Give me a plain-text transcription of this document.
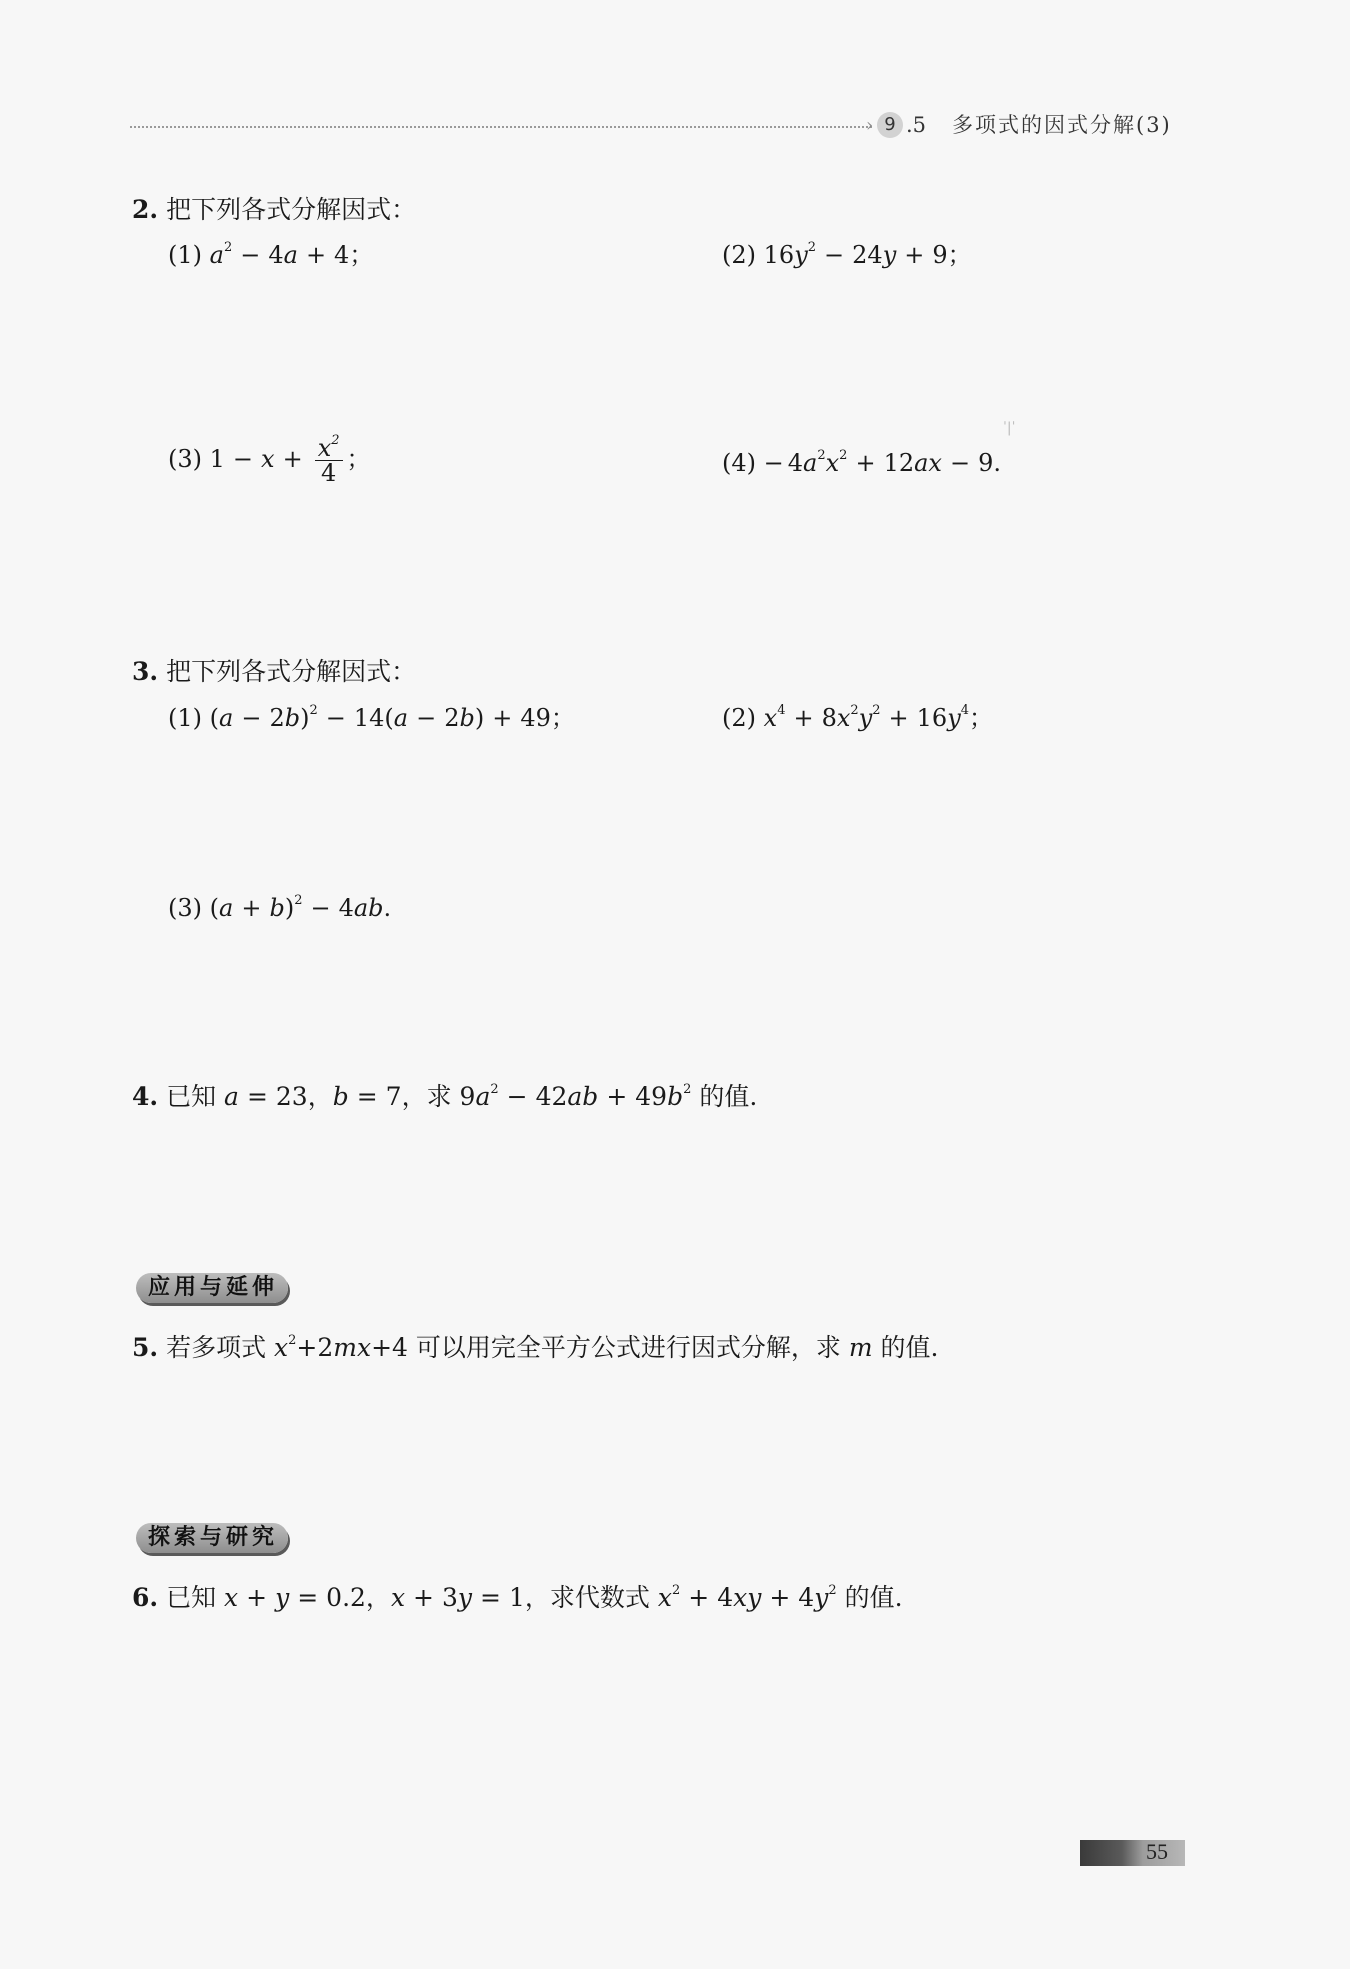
› 9 .5 多项式的因式分解(3)
2. 把下列各式分解因式：
(1) $a^2 - 4a + 4$；	(2) $16y^2 - 24y + 9$；
(3) $1 - x + \frac{x^2}{4}$ ；	$(4) - 4a^2x^2 + 12ax - 9$.
ˈ|ˈ
3. 把下列各式分解因式：
(1) $(a - 2b)^2 - 14(a - 2b) + 49$；	(2) $x^4 + 8x^2y^2 + 16y^4$；
(3) $(a + b)^2 - 4ab$.
4. 已知 a = 23，b = 7，求 $9a^2 - 42ab + 49b^2$ 的值.
应用与延伸
5. 若多项式 $x^2+2mx+4$ 可以用完全平方公式进行因式分解，求 m 的值.
探索与研究
6. 已知 x + y = 0.2，x + 3y = 1，求代数式 $x^2 + 4xy + 4y^2$ 的值.
55
